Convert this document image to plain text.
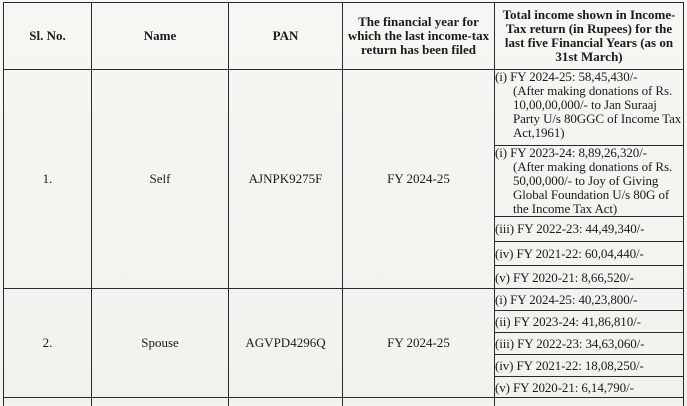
Sl. No.	Name	PAN	The financial year for which the last income-tax return has been filed	Total income shown in Income-Tax return (in Rupees) for the last five Financial Years (as on 31st March)
1.	Self	AJNPK9275F	FY 2024-25	(i) FY 2024-25: 58,45,430/-
(After making donations of Rs. 10,00,00,000/- to Jan Suraaj Party U/s 80GGC of Income Tax Act,1961)

				(i) FY 2023-24: 8,89,26,320/-
(After making donations of Rs. 50,00,000/- to Joy of Giving Global Foundation U/s 80G of the Income Tax Act)

				(iii) FY 2022-23: 44,49,340/-
				(iv) FY 2021-22: 60,04,440/-
				(v) FY 2020-21: 8,66,520/-
2.	Spouse	AGVPD4296Q	FY 2024-25	(i) FY 2024-25: 40,23,800/-
				(ii) FY 2023-24: 41,86,810/-
				(iii) FY 2022-23: 34,63,060/-
				(iv) FY 2021-22: 18,08,250/-
				(v) FY 2020-21: 6,14,790/-
